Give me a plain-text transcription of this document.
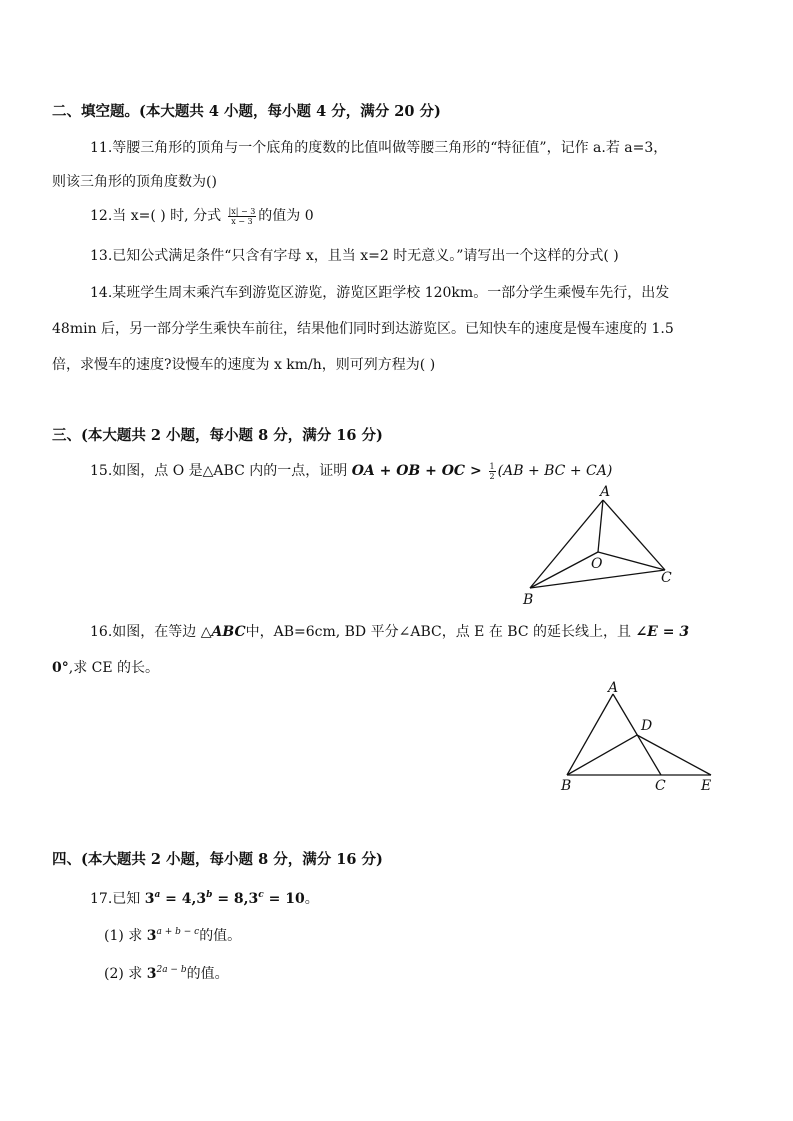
二、填空题。(本大题共 4 小题，每小题 4 分，满分 20 分)
11.等腰三角形的顶角与一个底角的度数的比值叫做等腰三角形的“特征值”，记作 a.若 a=3，
则该三角形的顶角度数为()
12.当 x=( ) 时, 分式 $\frac{|x| - 3}{x - 3}$ 的值为 0
13.已知公式满足条件“只含有字母 x，且当 x=2 时无意义。”请写出一个这样的分式( )
14.某班学生周末乘汽车到游览区游览，游览区距学校 120km。一部分学生乘慢车先行，出发
48min 后，另一部分学生乘快车前往，结果他们同时到达游览区。已知快车的速度是慢车速度的 1.5
倍，求慢车的速度?设慢车的速度为 x km/h，则可列方程为( )
三、(本大题共 2 小题，每小题 8 分，满分 16 分)
15.如图，点 O 是△ABC 内的一点，证明 OA + OB + OC > $\frac{1}{2} (AB$ + BC + CA)
A
B
C
O
16.如图，在等边 △ABC中，AB=6cm, BD 平分∠ABC，点 E 在 BC 的延长线上，且 ∠E = 3
0°,求 CE 的长。
A
D
B	C	E
四、(本大题共 2 小题，每小题 8 分，满分 16 分)
17.已知 $3^a = 4,3^b = 8,3^c = 10$。
(1) 求 $3^{a + b - c}$的值。
(2) 求 $3^{2a - b}$的值。
